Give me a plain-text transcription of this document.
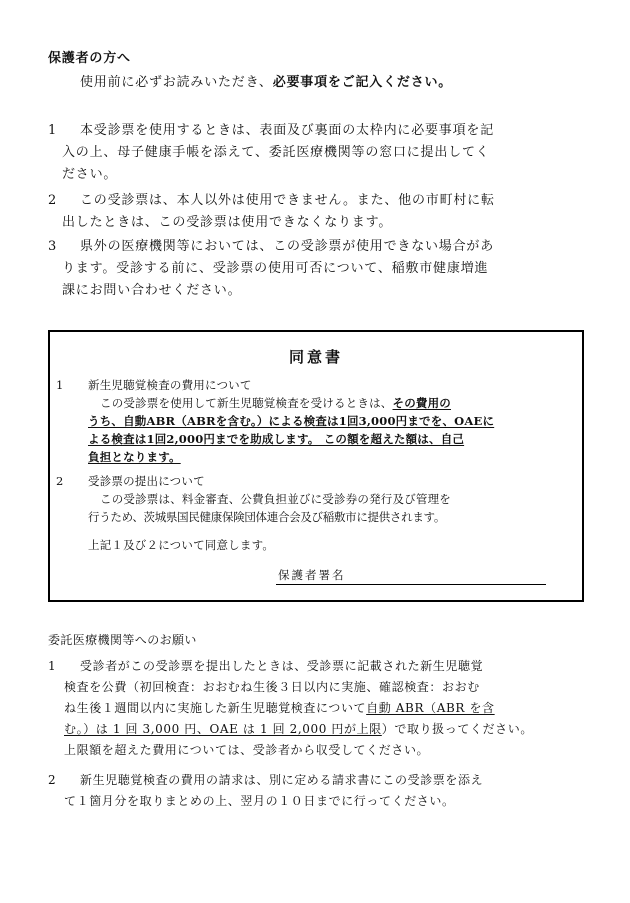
保護者の方へ
使用前に必ずお読みいただき、必要事項をご記入ください。
1	本受診票を使用するときは、表面及び裏面の太枠内に必要事項を記

入の上、母子健康手帳を添えて、委託医療機関等の窓口に提出してく

ださい。

2	この受診票は、本人以外は使用できません。また、他の市町村に転

出したときは、この受診票は使用できなくなります。

3	県外の医療機関等においては、この受診票が使用できない場合があ

ります。受診する前に、受診票の使用可否について、稲敷市健康増進

課にお問い合わせください。

同意書
1	新生児聴覚検査の費用について

この受診票を使用して新生児聴覚検査を受けるときは、その費用の

うち、自動ABR（ABRを含む。）による検査は1回3,000円までを、OAEに

よる検査は1回2,000円までを助成します。 この額を超えた額は、自己

負担となります。

2	受診票の提出について

この受診票は、料金審査、公費負担並びに受診券の発行及び管理を

行うため、茨城県国民健康保険団体連合会及び稲敷市に提供されます。

上記１及び２について同意します。
保護者署名
委託医療機関等へのお願い
1	受診者がこの受診票を提出したときは、受診票に記載された新生児聴覚

検査を公費（初回検査：おおむね生後３日以内に実施、確認検査：おおむ

ね生後１週間以内に実施した新生児聴覚検査について自動 ABR（ABR を含

む。）は 1 回 3,000 円、OAE は 1 回 2,000 円が上限）で取り扱ってください。

上限額を超えた費用については、受診者から収受してください。

2	新生児聴覚検査の費用の請求は、別に定める請求書にこの受診票を添え

て１箇月分を取りまとめの上、翌月の１０日までに行ってください。
